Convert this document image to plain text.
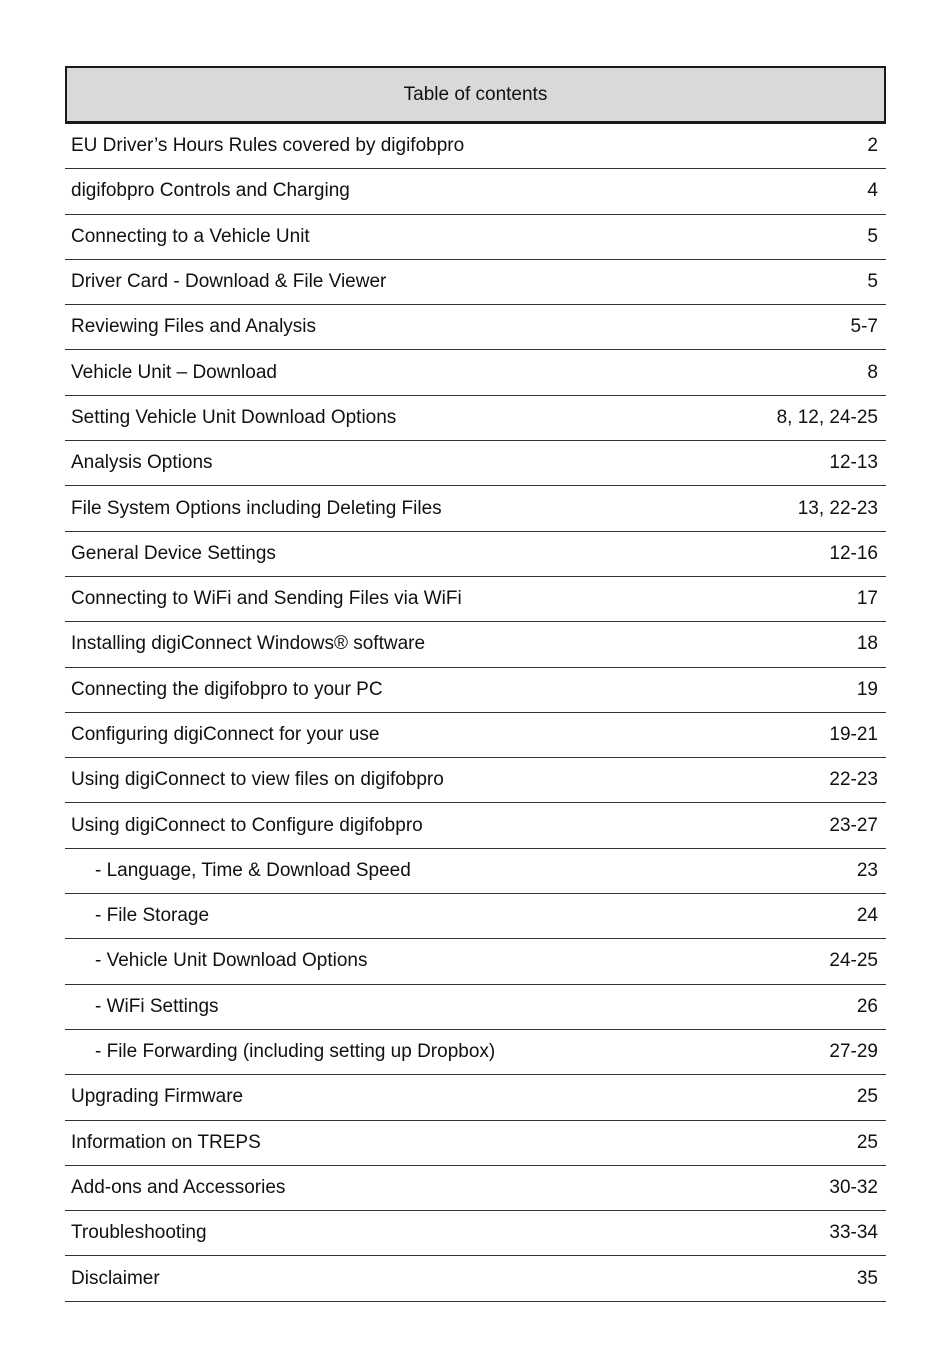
Table of contents
EU Driver’s Hours Rules covered by digifobpro	2
digifobpro Controls and Charging	4
Connecting to a Vehicle Unit	5
Driver Card - Download & File Viewer	5
Reviewing Files and Analysis	5-7
Vehicle Unit – Download	8
Setting Vehicle Unit Download Options	8, 12, 24-25
Analysis Options	12-13
File System Options including Deleting Files	13, 22-23
General Device Settings	12-16
Connecting to WiFi and Sending Files via WiFi	17
Installing digiConnect Windows® software	18
Connecting the digifobpro to your PC	19
Configuring digiConnect for your use	19-21
Using digiConnect to view files on digifobpro	22-23
Using digiConnect to Configure digifobpro	23-27
- Language, Time & Download Speed	23
- File Storage	24
- Vehicle Unit Download Options	24-25
- WiFi Settings	26
- File Forwarding (including setting up Dropbox)	27-29
Upgrading Firmware	25
Information on TREPS	25
Add-ons and Accessories	30-32
Troubleshooting	33-34
Disclaimer	35
